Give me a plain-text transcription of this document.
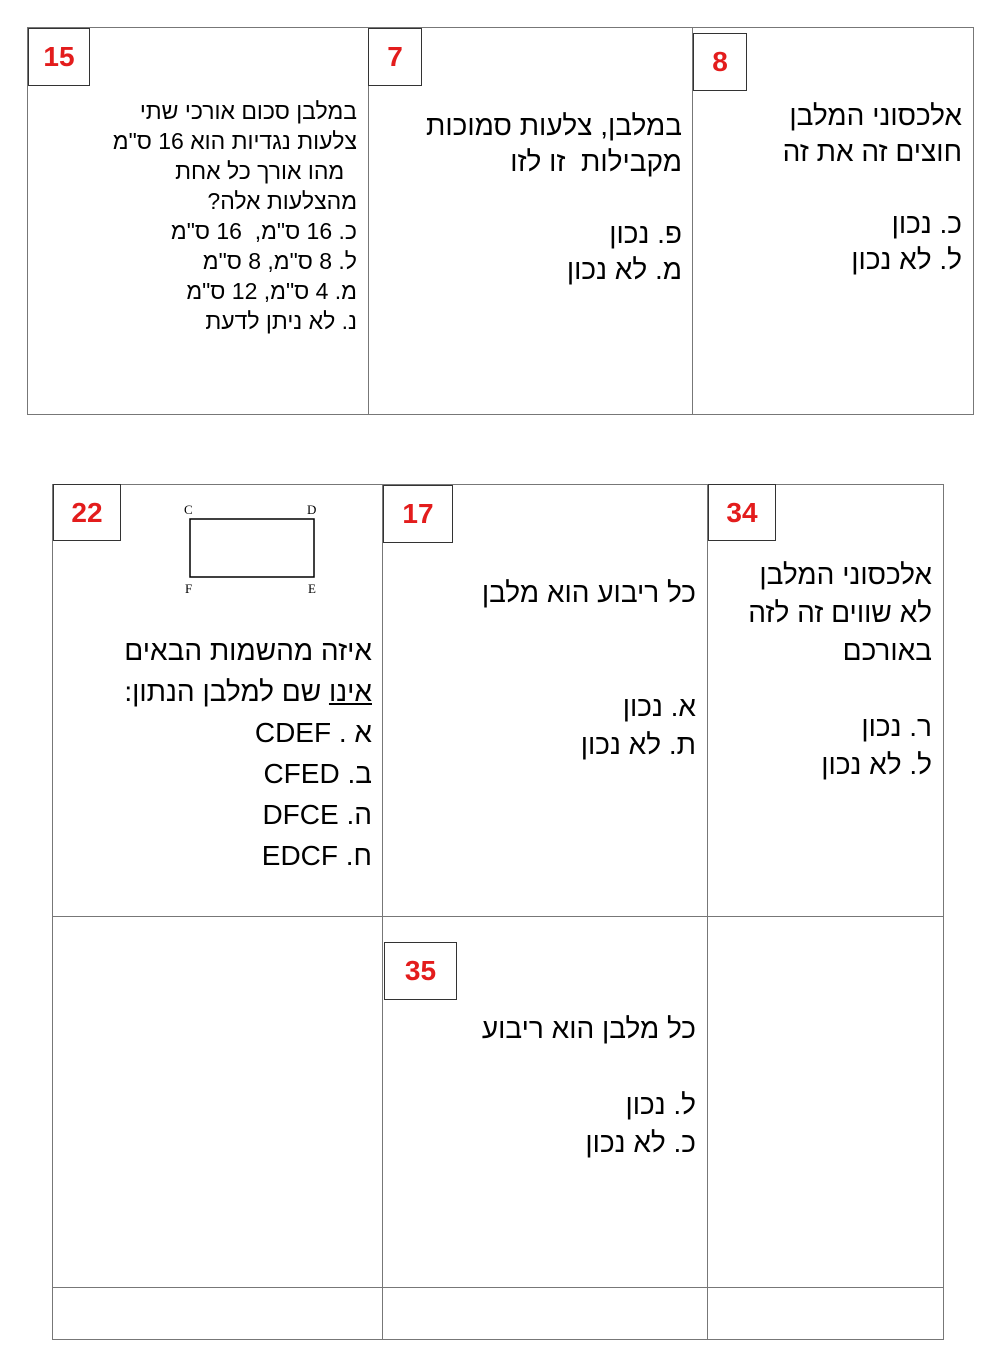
15	7	8
במלבן סכום אורכי שתי
צלעות נגדיות הוא 16 ס"מ
מהו אורך כל אחת
מהצלעות אלה?
כ. 16 ס"מ,  16 ס"מ
ל. 8 ס"מ, 8 ס"מ
מ. 4 ס"מ, 12 ס"מ
נ. לא ניתן לדעת
במלבן, צלעות סמוכות
מקבילות  זו לזו

פ. נכון
מ. לא נכון
אלכסוני המלבן
חוצים זה את זה

כ. נכון
ל. לא נכון
22	17	34
35
C	D
F	E
איזה מהשמות הבאים
אינו שם למלבן הנתון:
א . CDEF
ב. CFED
ה. DFCE
ח. EDCF
כל ריבוע הוא מלבן

א. נכון
ת. לא נכון
אלכסוני המלבן
לא שווים זה לזה
באורכם

ר. נכון
ל. לא נכון
כל מלבן הוא ריבוע

ל. נכון
כ. לא נכון
